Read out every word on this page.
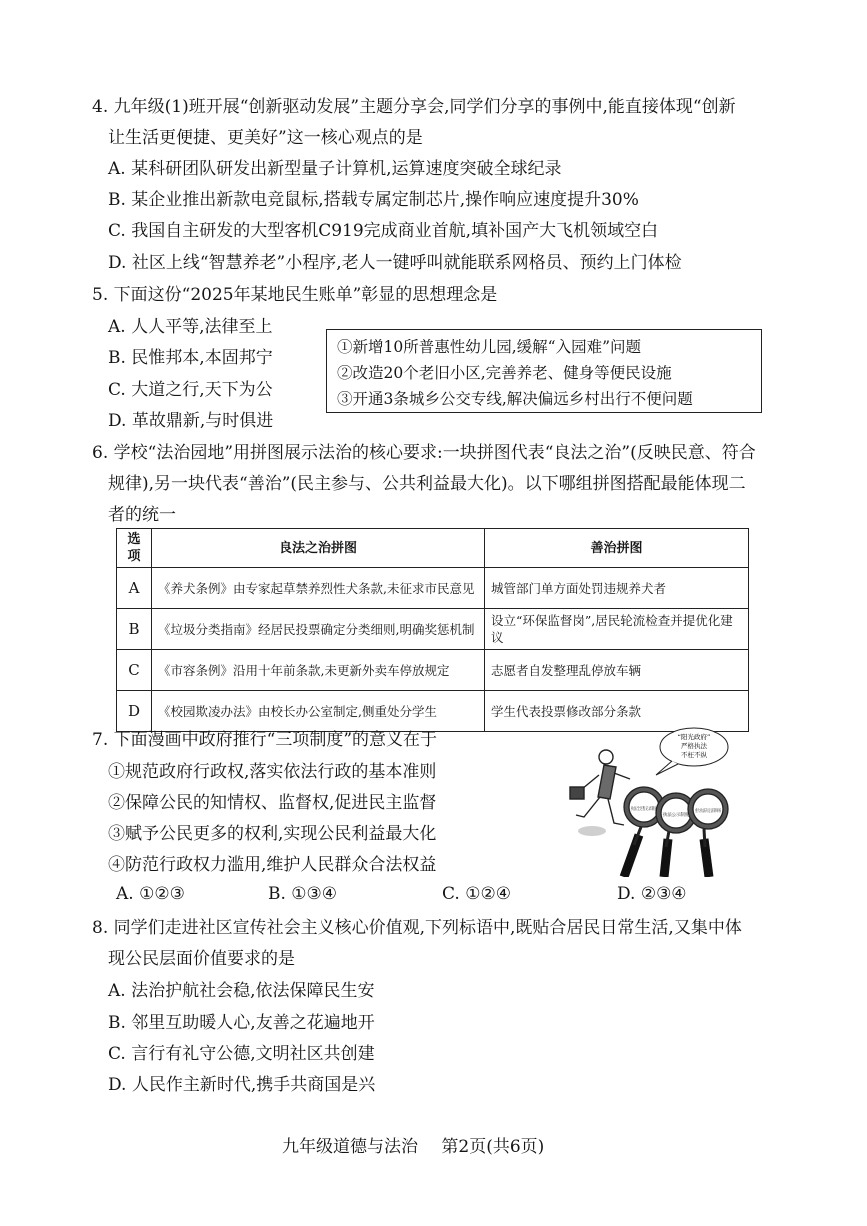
4. 九年级(1)班开展“创新驱动发展”主题分享会,同学们分享的事例中,能直接体现“创新
让生活更便捷、更美好”这一核心观点的是
A. 某科研团队研发出新型量子计算机,运算速度突破全球纪录
B. 某企业推出新款电竞鼠标,搭载专属定制芯片,操作响应速度提升30%
C. 我国自主研发的大型客机C919完成商业首航,填补国产大飞机领域空白
D. 社区上线“智慧养老”小程序,老人一键呼叫就能联系网格员、预约上门体检
5. 下面这份“2025年某地民生账单”彰显的思想理念是
A. 人人平等,法律至上
B. 民惟邦本,本固邦宁
C. 大道之行,天下为公
D. 革故鼎新,与时俱进
①新增10所普惠性幼儿园,缓解“入园难”问题
②改造20个老旧小区,完善养老、健身等便民设施
③开通3条城乡公交专线,解决偏远乡村出行不便问题
6. 学校“法治园地”用拼图展示法治的核心要求:一块拼图代表“良法之治”(反映民意、符合
规律),另一块代表“善治”(民主参与、公共利益最大化)。以下哪组拼图搭配最能体现二
者的统一
选项	良法之治拼图	善治拼图
A	《养犬条例》由专家起草禁养烈性犬条款,未征求市民意见	城管部门单方面处罚违规养犬者
B	《垃圾分类指南》经居民投票确定分类细则,明确奖惩机制	设立“环保监督岗”,居民轮流检查并提优化建议
C	《市容条例》沿用十年前条款,未更新外卖车停放规定	志愿者自发整理乱停放车辆
D	《校园欺凌办法》由校长办公室制定,侧重处分学生	学生代表投票修改部分条款
7. 下面漫画中政府推行“三项制度”的意义在于
①规范政府行政权,落实依法行政的基本准则
②保障公民的知情权、监督权,促进民主监督
③赋予公民更多的权利,实现公民利益最大化
④防范行政权力滥用,维护人民群众合法权益
“阳光政府”
严格执法
不枉不纵
执法全过程记录制度
执法公示制度
重大执法决定法制审核
A. ①②③	B. ①③④	C. ①②④	D. ②③④
8. 同学们走进社区宣传社会主义核心价值观,下列标语中,既贴合居民日常生活,又集中体
现公民层面价值要求的是
A. 法治护航社会稳,依法保障民生安
B. 邻里互助暖人心,友善之花遍地开
C. 言行有礼守公德,文明社区共创建
D. 人民作主新时代,携手共商国是兴
九年级道德与法治 第2页(共6页)
